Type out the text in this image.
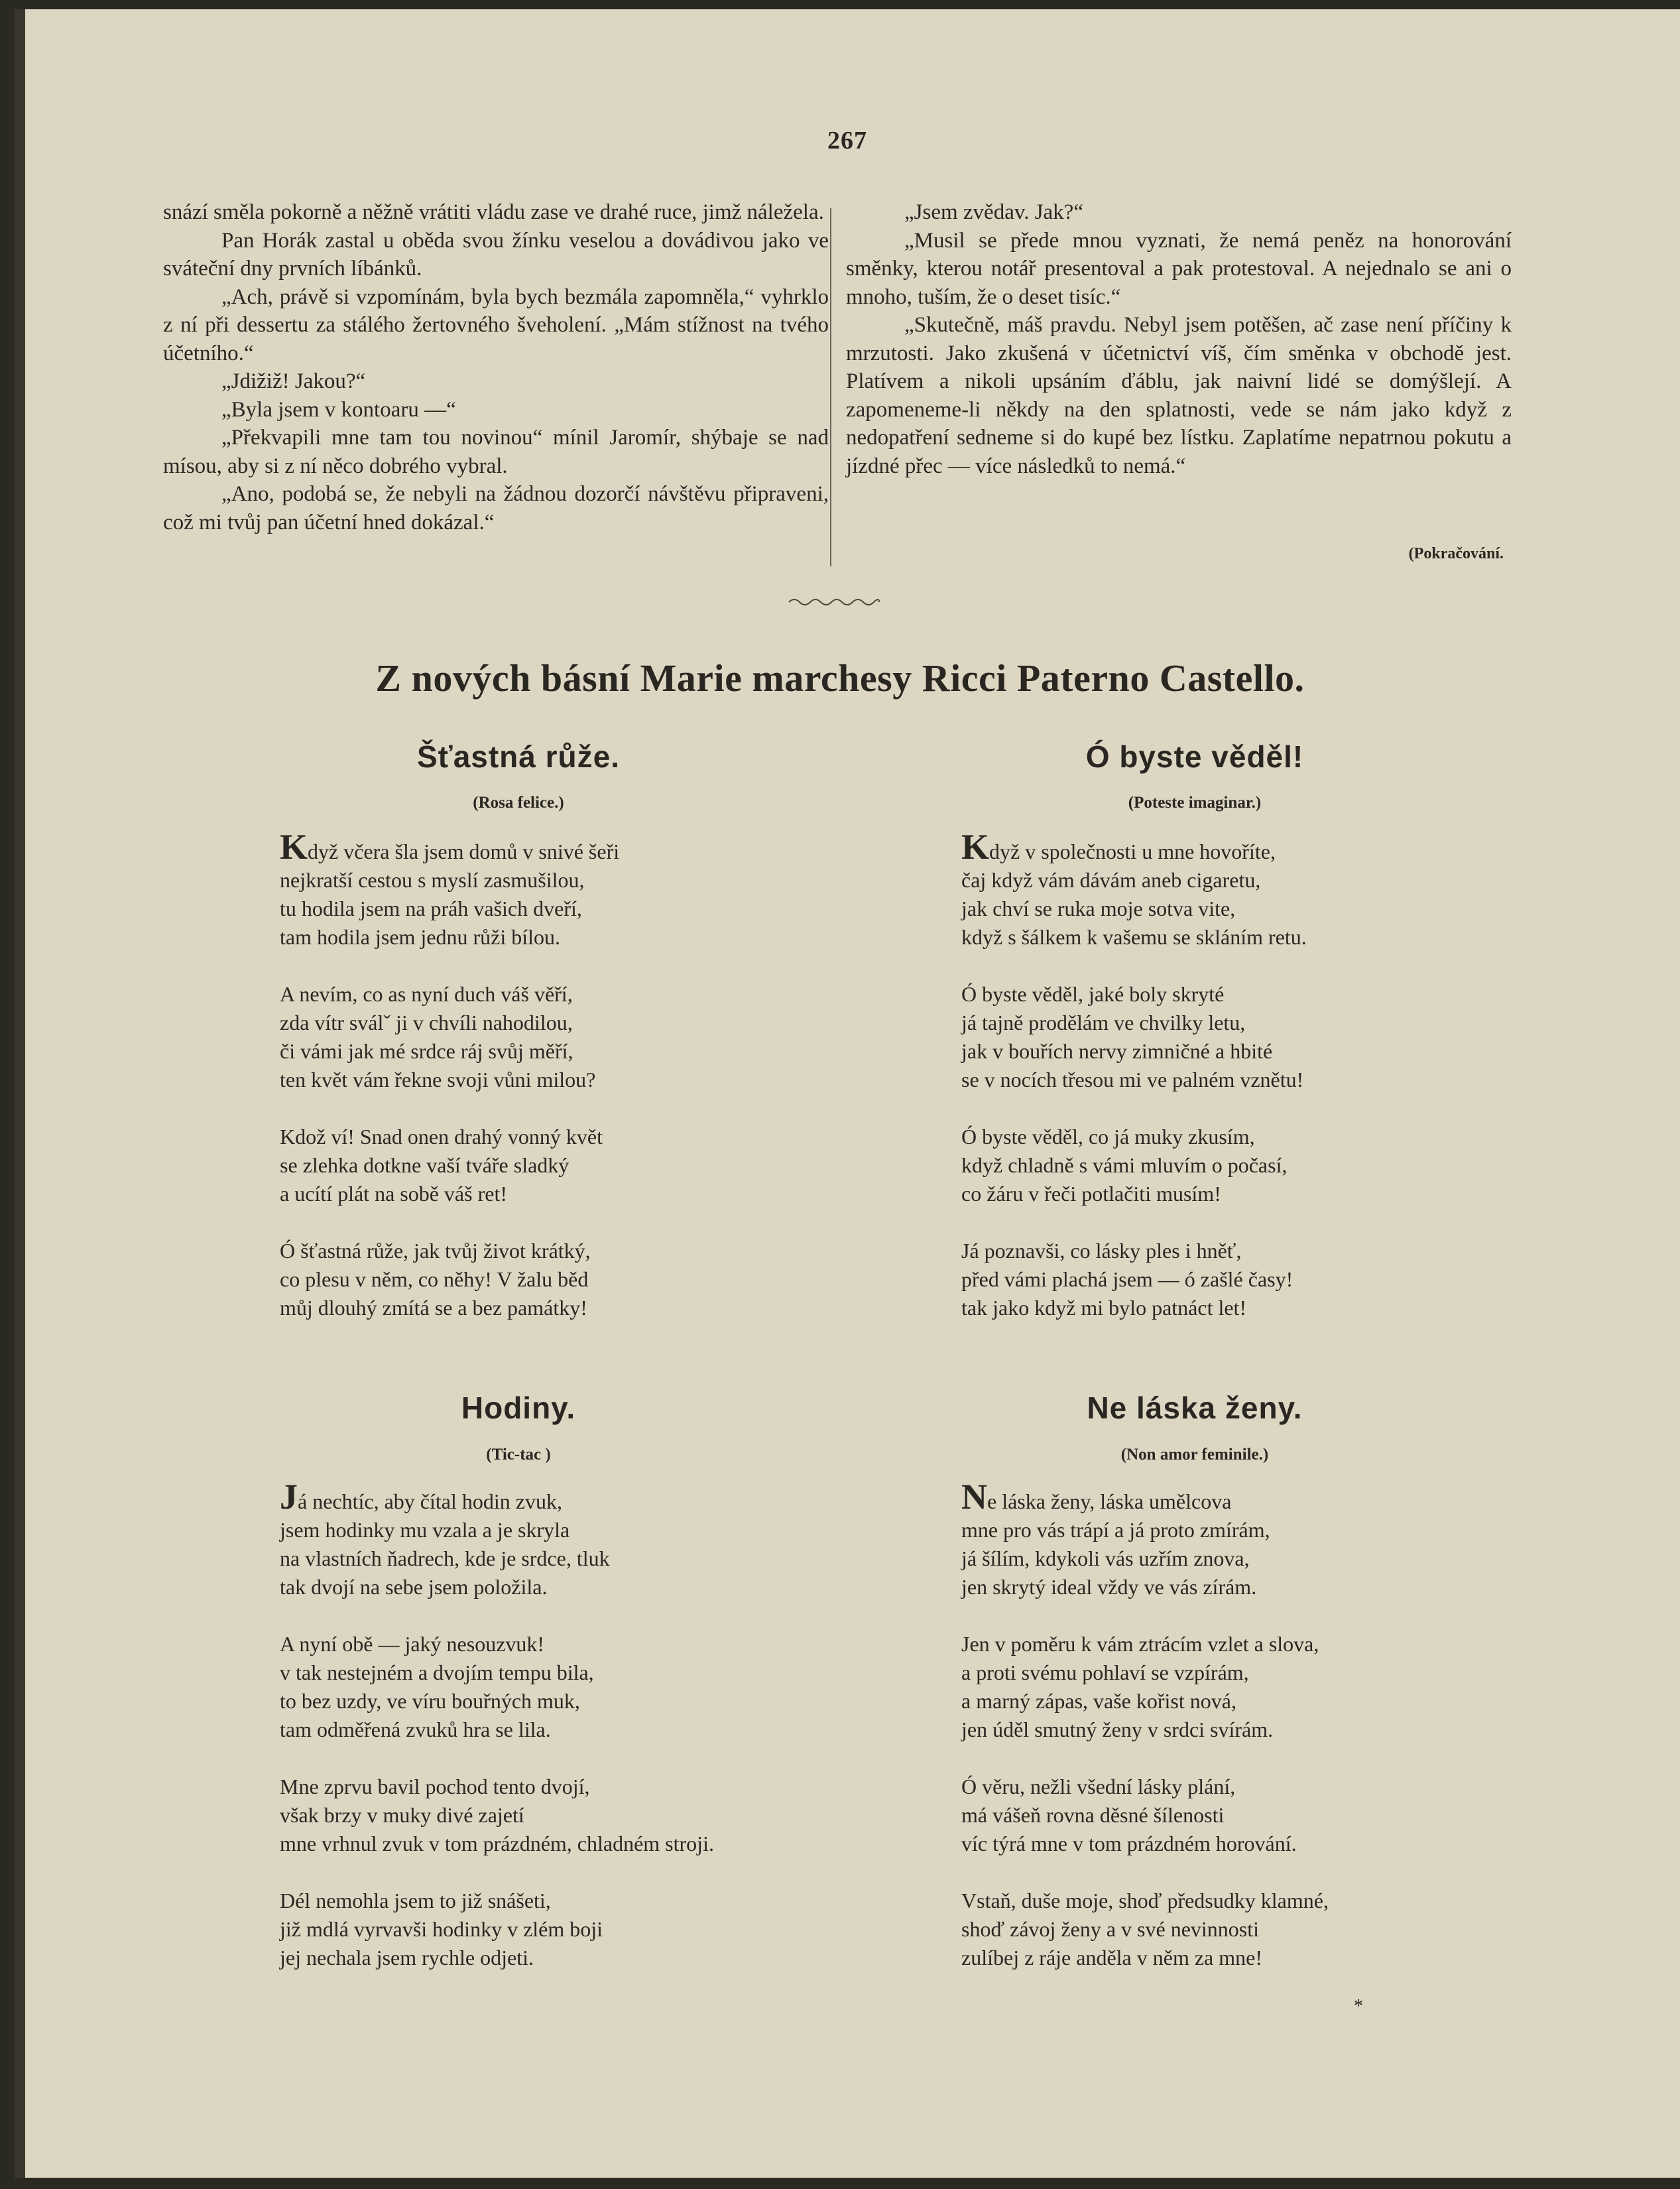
267

snází směla pokorně a něžně vrátiti vládu zase ve drahé ruce, jimž náležela.

Pan Horák zastal u oběda svou žínku veselou a dovádivou jako ve sváteční dny prvních líbánků.

„Ach, právě si vzpomínám, byla bych bezmála zapomněla,“ vyhrklo z ní při dessertu za stálého žertovného šveholení. „Mám stížnost na tvého účetního.“

„Jdižiž! Jakou?“

„Byla jsem v kontoaru —“

„Překvapili mne tam tou novinou“ mínil Jaromír, shýbaje se nad mísou, aby si z ní něco dobrého vybral.

„Ano, podobá se, že nebyli na žádnou dozorčí návštěvu připraveni, což mi tvůj pan účetní hned dokázal.“

„Jsem zvědav. Jak?“

„Musil se přede mnou vyznati, že nemá peněz na honorování směnky, kterou notář presentoval a pak protestoval. A nejednalo se ani o mnoho, tuším, že o deset tisíc.“

„Skutečně, máš pravdu. Nebyl jsem potěšen, ač zase není příčiny k mrzutosti. Jako zkušená v účetnictví víš, čím směnka v obchodě jest. Platívem a nikoli upsáním ďáblu, jak naivní lidé se domýšlejí. A zapomeneme-li někdy na den splatnosti, vede se nám jako když z nedopatření sedneme si do kupé bez lístku. Zaplatíme nepatrnou pokutu a jízdné přec — více následků to nemá.“

(Pokračování.
Z nových básní Marie marchesy Ricci Paterno Castello.
Šťastná růže.
(Rosa felice.)
Když včera šla jsem domů v snivé šeři
nejkratší cestou s myslí zasmušilou,
tu hodila jsem na práh vašich dveří,
tam hodila jsem jednu růži bílou.
A nevím, co as nyní duch váš věří,
zda vítr sválˇ ji v chvíli nahodilou,
či vámi jak mé srdce ráj svůj měří,
ten květ vám řekne svoji vůni milou?
Kdož ví! Snad onen drahý vonný květ
se zlehka dotkne vaší tváře sladký
a ucítí plát na sobě váš ret!
Ó šťastná růže, jak tvůj život krátký,
co plesu v něm, co něhy! V žalu běd
můj dlouhý zmítá se a bez památky!
Ó byste věděl!
(Poteste imaginar.)
Když v společnosti u mne hovoříte,
čaj když vám dávám aneb cigaretu,
jak chví se ruka moje sotva vite,
když s šálkem k vašemu se skláním retu.
Ó byste věděl, jaké boly skryté
já tajně prodělám ve chvilky letu,
jak v bouřích nervy zimničné a hbité
se v nocích třesou mi ve palném vznětu!
Ó byste věděl, co já muky zkusím,
když chladně s vámi mluvím o počasí,
co žáru v řeči potlačiti musím!
Já poznavši, co lásky ples i hněť,
před vámi plachá jsem — ó zašlé časy!
tak jako když mi bylo patnáct let!
Hodiny.
(Tic-tac )
Já nechtíc, aby čítal hodin zvuk,
jsem hodinky mu vzala a je skryla
na vlastních ňadrech, kde je srdce, tluk
tak dvojí na sebe jsem položila.
A nyní obě — jaký nesouzvuk!
v tak nestejném a dvojím tempu bila,
to bez uzdy, ve víru bouřných muk,
tam odměřená zvuků hra se lila.
Mne zprvu bavil pochod tento dvojí,
však brzy v muky divé zajetí
mne vrhnul zvuk v tom prázdném, chladném stroji.
Dél nemohla jsem to již snášeti,
již mdlá vyrvavši hodinky v zlém boji
jej nechala jsem rychle odjeti.
Ne láska ženy.
(Non amor feminile.)
Ne láska ženy, láska umělcova
mne pro vás trápí a já proto zmírám,
já šílím, kdykoli vás uzřím znova,
jen skrytý ideal vždy ve vás zírám.
Jen v poměru k vám ztrácím vzlet a slova,
a proti svému pohlaví se vzpírám,
a marný zápas, vaše kořist nová,
jen úděl smutný ženy v srdci svírám.
Ó věru, nežli všední lásky plání,
má vášeň rovna děsné šílenosti
víc týrá mne v tom prázdném horování.
Vstaň, duše moje, shoď předsudky klamné,
shoď závoj ženy a v své nevinnosti
zulíbej z ráje anděla v něm za mne!
*
